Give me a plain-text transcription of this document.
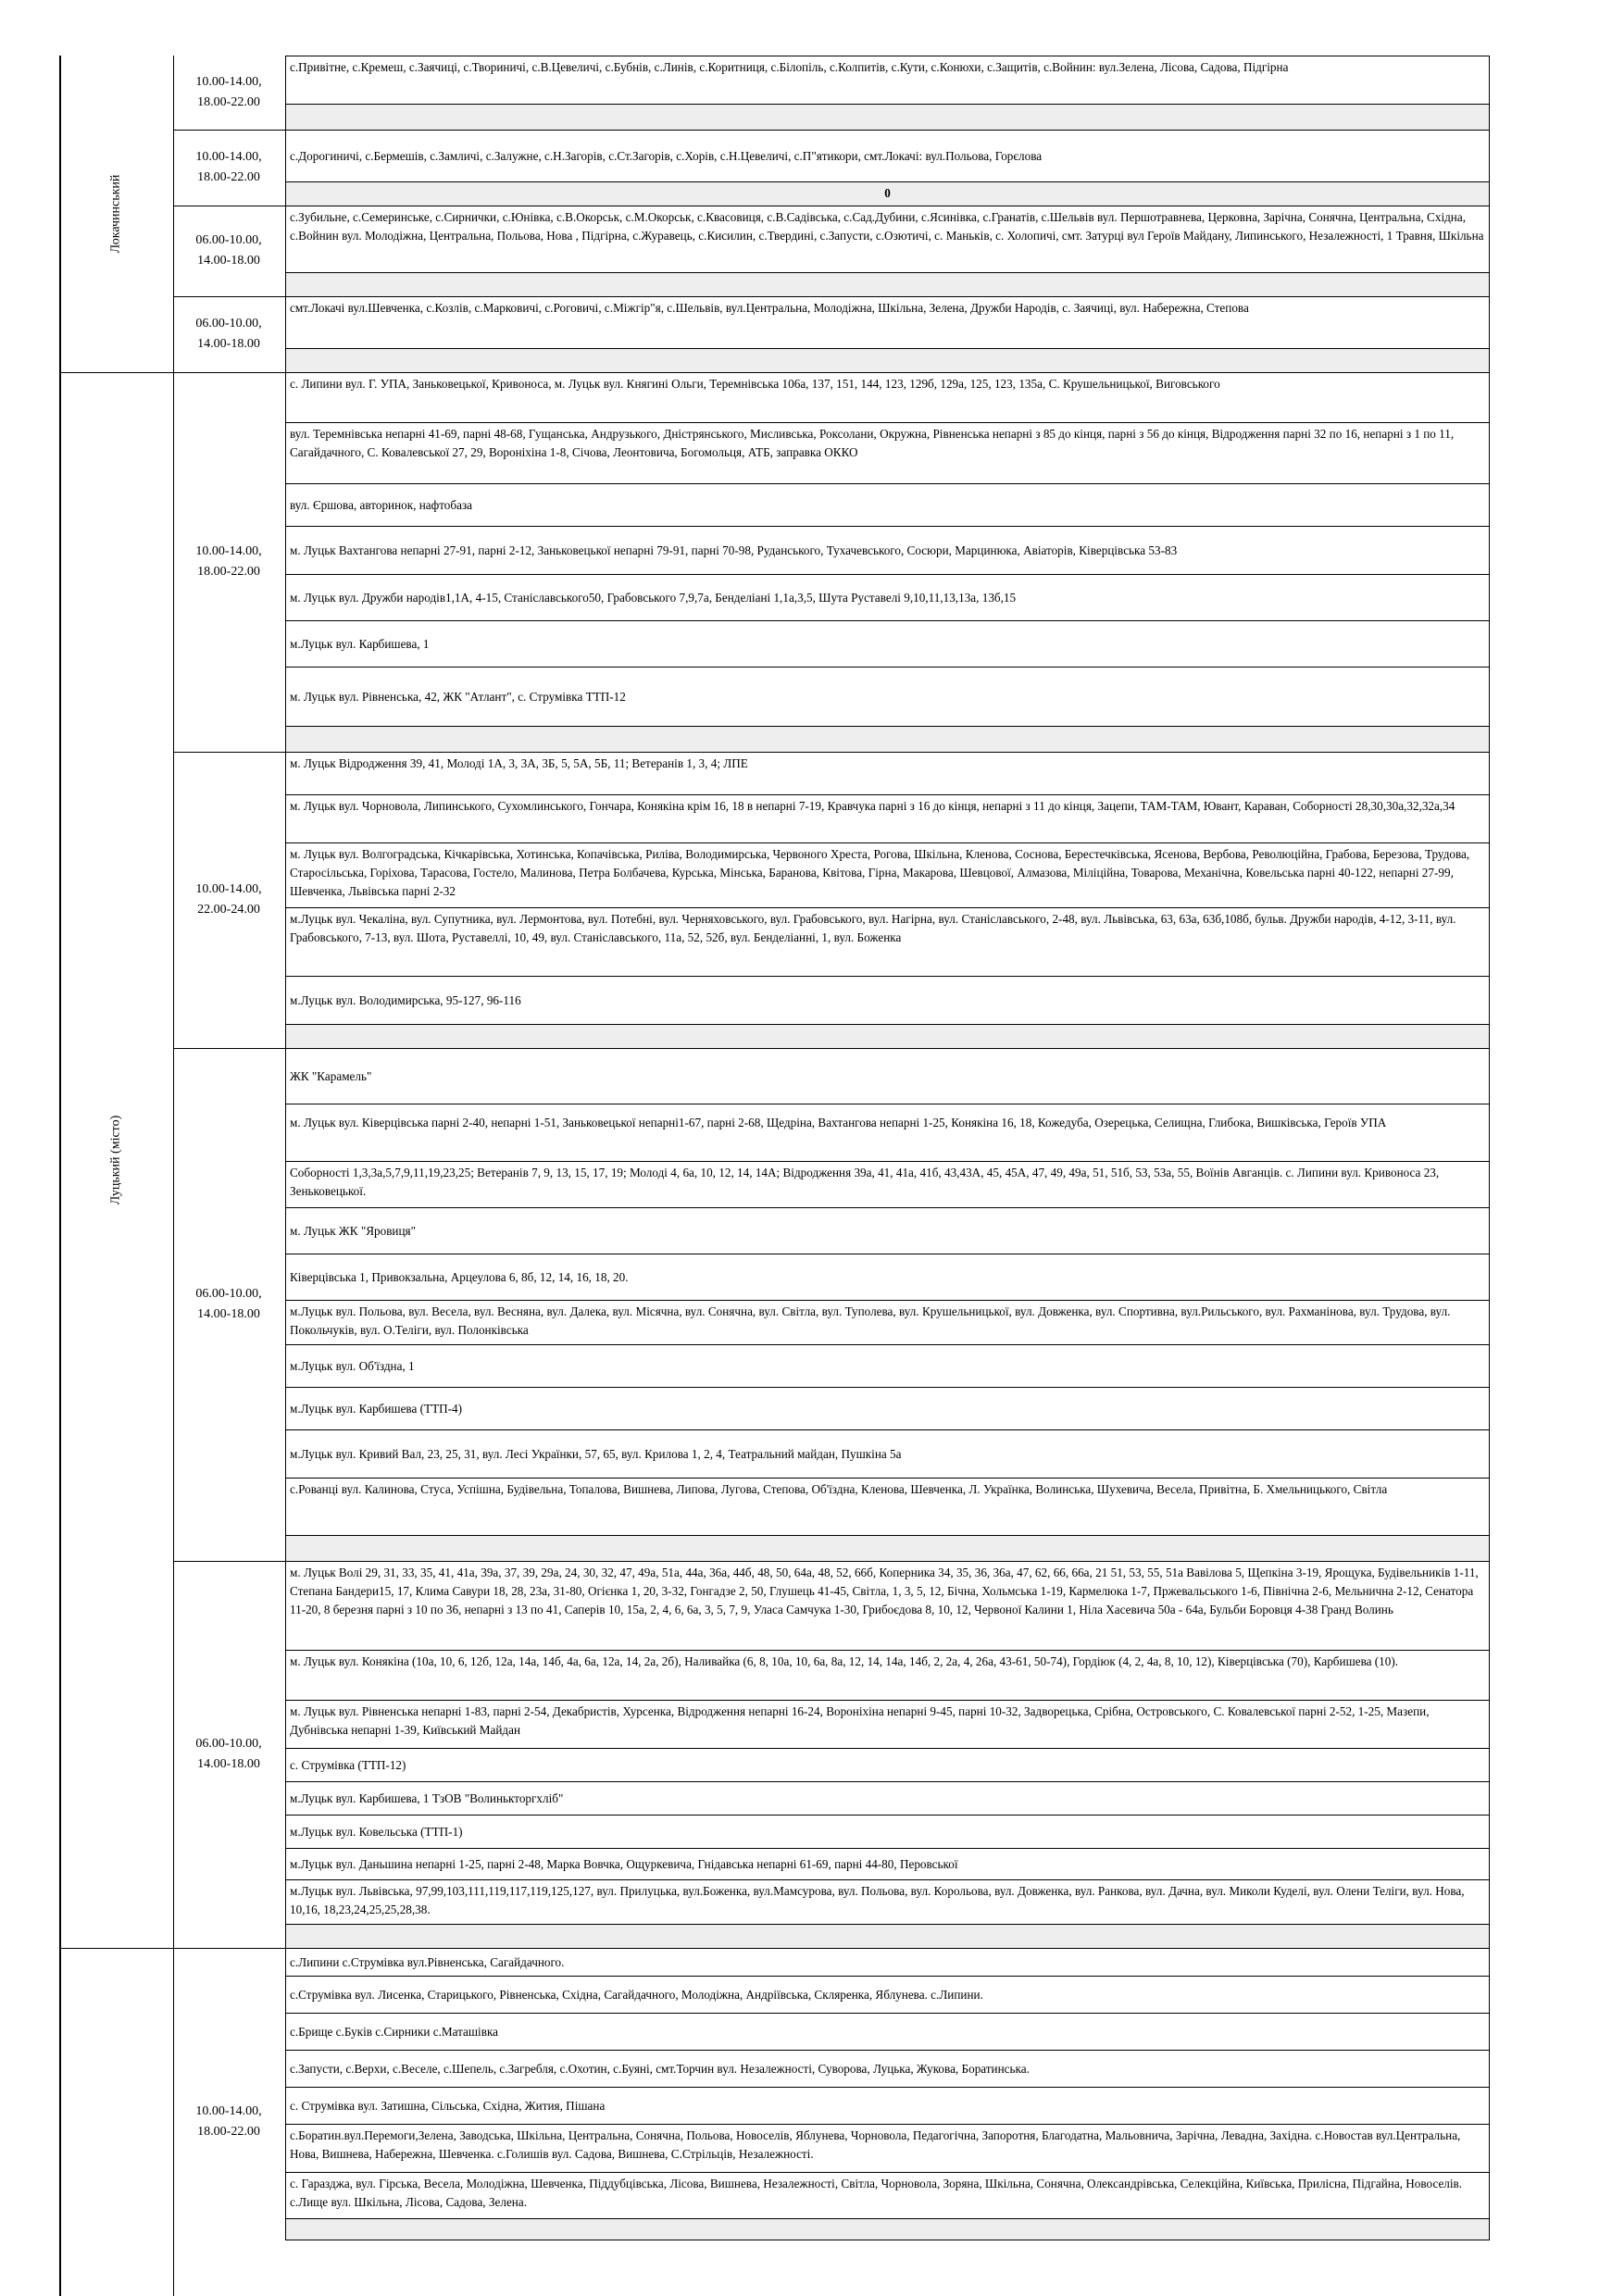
Локачинський
Луцький (місто)
10.00-14.00,
18.00-22.00
10.00-14.00,
18.00-22.00
06.00-10.00,
14.00-18.00
06.00-10.00,
14.00-18.00
10.00-14.00,
18.00-22.00
10.00-14.00,
22.00-24.00
06.00-10.00,
14.00-18.00
06.00-10.00,
14.00-18.00
10.00-14.00,
18.00-22.00
с.Привітне, с.Кремеш, с.Заячиці, с.Твориничі, с.В.Цевеличі, с.Бубнів, с.Линів, с.Коритниця, с.Білопіль, с.Колпитів, с.Кути, с.Конюхи, с.Защитів, с.Войнин: вул.Зелена, Лісова, Садова, Підгірна
с.Дорогиничі, с.Бермешів, с.Замличі, с.Залужне, с.Н.Загорів, с.Ст.Загорів, с.Хорів, с.Н.Цевеличі, с.П"ятикори, смт.Локачі: вул.Польова, Горєлова
0
с.Зубильне, с.Семеринське, с.Сирнички, с.Юнівка, с.В.Окорськ, с.М.Окорськ, с.Квасовиця, с.В.Садівська, с.Сад.Дубини, с.Ясинівка, с.Гранатів, с.Шельвів вул. Першотравнева, Церковна, Зарічна, Сонячна, Центральна, Східна, с.Войнин вул. Молодіжна, Центральна, Польова, Нова , Підгірна, с.Журавець, с.Кисилин, с.Твердині, с.Запусти, с.Озютичі, с. Маньків, с. Холопичі, смт. Затурці вул Героїв Майдану, Липинського, Незалежності, 1 Травня, Шкільна
смт.Локачі вул.Шевченка, с.Козлів, с.Марковичі, с.Роговичі, с.Міжгір"я, с.Шельвів, вул.Центральна, Молодіжна, Шкільна, Зелена, Дружби Народів, с. Заячиці, вул. Набережна, Степова
с. Липини вул. Г. УПА, Заньковецької, Кривоноса, м. Луцьк вул. Княгині Ольги, Теремнівська 106а, 137, 151, 144, 123, 129б, 129а, 125, 123, 135а, С. Крушельницької, Виговського
вул. Теремнівська непарні 41-69, парні 48-68, Гущанська, Андрузького, Дністрянського, Мисливська, Роксолани, Окружна, Рівненська непарні з 85 до кінця, парні з 56 до кінця, Відродження парні 32 по 16, непарні з 1 по 11, Сагайдачного, С. Ковалевської 27, 29, Вороніхіна 1-8, Січова, Леонтовича, Богомольця, АТБ, заправка ОККО
вул. Єршова, авторинок, нафтобаза
м. Луцьк Вахтангова непарні 27-91, парні 2-12, Заньковецької непарні 79-91, парні 70-98, Руданського, Тухачевського, Сосюри, Марцинюка, Авіаторів, Ківерцівська 53-83
м. Луцьк вул. Дружби народів1,1А, 4-15, Станіславського50, Грабовського 7,9,7а, Бенделіані 1,1а,3,5, Шута Руставелі 9,10,11,13,13а, 13б,15
м.Луцьк вул. Карбишева, 1
м. Луцьк вул. Рівненська, 42, ЖК "Атлант", с. Струмівка ТТП-12
м. Луцьк Відродження 39, 41, Молоді 1А, 3, 3А, 3Б, 5, 5А, 5Б, 11; Ветеранів 1, 3, 4; ЛПЕ
м. Луцьк вул. Чорновола, Липинського, Сухомлинського, Гончара, Конякіна крім 16, 18 в непарні 7-19, Кравчука парні з 16 до кінця, непарні з 11 до кінця, Зацепи, ТАМ-ТАМ, Ювант, Караван, Соборності 28,30,30а,32,32а,34
м. Луцьк вул. Волгоградська, Кічкарівська, Хотинська, Копачівська, Риліва, Володимирська, Червоного Хреста, Рогова, Шкільна, Кленова, Соснова, Берестечківська, Ясенова, Вербова, Революційна, Грабова, Березова, Трудова, Старосільська, Горіхова, Тарасова, Гостело, Малинова, Петра Болбачева, Курська, Мінська, Баранова, Квітова, Гірна, Макарова, Шевцової, Алмазова, Міліційна, Товарова, Механічна, Ковельська парні 40-122, непарні 27-99, Шевченка, Львівська парні 2-32
м.Луцьк вул. Чекаліна, вул. Супутника, вул. Лермонтова, вул. Потебні, вул. Черняховського, вул. Грабовського, вул. Нагірна, вул. Станіславського, 2-48, вул. Львівська, 63, 63а, 63б,108б, бульв. Дружби народів, 4-12, 3-11, вул. Грабовського, 7-13, вул. Шота, Руставеллі, 10, 49, вул. Станіславського, 11а, 52, 52б, вул. Бенделіанні, 1, вул. Боженка
м.Луцьк вул. Володимирська, 95-127, 96-116
ЖК "Карамель"
м. Луцьк вул. Ківерцівська парні 2-40, непарні 1-51, Заньковецької непарні1-67, парні 2-68, Щедріна, Вахтангова непарні 1-25, Конякіна 16, 18, Кожедуба, Озерецька, Селищна, Глибока, Вишківська, Героїв УПА
Соборності 1,3,3а,5,7,9,11,19,23,25; Ветеранів 7, 9, 13, 15, 17, 19; Молоді 4, 6а, 10, 12, 14, 14А; Відродження 39а, 41, 41а, 41б, 43,43А, 45, 45А, 47, 49, 49а, 51, 51б, 53, 53а, 55, Воїнів Авганців. с. Липини вул. Кривоноса 23, Зеньковецької.
м. Луцьк ЖК "Яровиця"
Ківерцівська 1, Привокзальна, Арцеулова 6, 8б, 12, 14, 16, 18, 20.
м.Луцьк вул. Польова, вул. Весела, вул. Весняна, вул. Далека, вул. Місячна, вул. Сонячна, вул. Світла, вул. Туполева, вул. Крушельницької, вул. Довженка, вул. Спортивна, вул.Рильського, вул. Рахманінова, вул. Трудова, вул. Покольчуків, вул. О.Теліги, вул. Полонківська
м.Луцьк вул. Об'їздна, 1
м.Луцьк вул. Карбишева (ТТП-4)
м.Луцьк вул. Кривий Вал, 23, 25, 31, вул. Лесі Українки, 57, 65, вул. Крилова 1, 2, 4, Театральний майдан, Пушкіна 5а
с.Рованці вул. Калинова, Стуса, Успішна, Будівельна, Топалова, Вишнева, Липова, Лугова, Степова, Об'їздна, Кленова, Шевченка, Л. Українка, Волинська, Шухевича, Весела, Привітна, Б. Хмельницького, Світла
м. Луцьк Волі 29, 31, 33, 35, 41, 41а, 39а, 37, 39, 29а, 24, 30, 32, 47, 49а, 51а, 44а, 36а, 44б, 48, 50, 64а, 48, 52, 66б, Коперника 34, 35, 36, 36а, 47, 62, 66, 66а, 21 51, 53, 55, 51а Вавілова 5, Щепкіна 3-19, Ярощука, Будівельників 1-11, Степана Бандери15, 17, Клима Савури 18, 28, 23а, 31-80, Огієнка 1, 20, 3-32, Гонгадзе 2, 50, Глушець 41-45, Світла, 1, 3, 5, 12, Бічна, Хольмська 1-19, Кармелюка 1-7, Пржевальського 1-6, Північна 2-6, Мельнична 2-12, Сенатора 11-20, 8 березня парні з 10 по 36, непарні з 13 по 41, Саперів 10, 15а, 2, 4, 6, 6а, 3, 5, 7, 9, Уласа Самчука 1-30, Грибоєдова 8, 10, 12, Червоної Калини 1, Ніла Хасевича 50а - 64а, Бульби Боровця 4-38 Гранд Волинь
м. Луцьк вул. Конякіна (10а, 10, 6, 12б, 12а, 14а, 14б, 4а, 6а, 12а, 14, 2а, 2б), Наливайка (6, 8, 10а, 10, 6а, 8а, 12, 14, 14а, 14б, 2, 2а, 4, 26а, 43-61, 50-74), Гордіюк (4, 2, 4а, 8, 10, 12), Ківерцівська (70), Карбишева (10).
м. Луцьк вул. Рівненська непарні 1-83, парні 2-54, Декабристів, Хурсенка, Відродження непарні 16-24, Вороніхіна непарні 9-45, парні 10-32, Задворецька, Срібна, Островського, С. Ковалевської парні 2-52, 1-25, Мазепи, Дубнівська непарні 1-39, Київський Майдан
с. Струмівка (ТТП-12)
м.Луцьк вул. Карбишева, 1 ТзОВ "Волинькторгхліб"
м.Луцьк вул. Ковельська (ТТП-1)
м.Луцьк вул. Даньшина непарні 1-25, парні 2-48, Марка Вовчка, Ощуркевича, Гнідавська непарні 61-69, парні 44-80, Перовської
м.Луцьк вул. Львівська, 97,99,103,111,119,117,119,125,127, вул. Прилуцька, вул.Боженка, вул.Мамсурова, вул. Польова, вул. Корольова, вул. Довженка, вул. Ранкова, вул. Дачна, вул. Миколи Куделі, вул. Олени Теліги, вул. Нова, 10,16, 18,23,24,25,25,28,38.
с.Липини с.Струмівка вул.Рівненська, Сагайдачного.
с.Струмівка вул. Лисенка, Старицького, Рівненська, Східна, Сагайдачного, Молодіжна, Андріївська, Скляренка, Яблунева. с.Липини.
с.Брище с.Буків с.Сирники с.Маташівка
с.Запусти, с.Верхи, с.Веселе, с.Шепель, с.Загребля, с.Охотин, с.Буяні, смт.Торчин вул. Незалежності, Суворова, Луцька, Жукова, Боратинська.
с. Струмівка вул. Затишна, Сільська, Східна, Жития, Пішана
с.Боратин.вул.Перемоги,Зелена, Заводська, Шкільна, Центральна, Сонячна, Польова, Новоселів, Яблунева, Чорновола, Педагогічна, Запоротня, Благодатна, Мальовнича, Зарічна, Левадна, Західна. с.Новостав вул.Центральна, Нова, Вишнева, Набережна, Шевченка. с.Голишів вул. Садова, Вишнева, С.Стрільців, Незалежності.
с. Гаразджа, вул. Гірська, Весела, Молодіжна, Шевченка, Піддубцівська, Лісова, Вишнева, Незалежності, Світла, Чорновола, Зоряна, Шкільна, Сонячна, Олександрівська, Селекційна, Київська, Прилісна, Підгайна, Новоселів. с.Лище вул. Шкільна, Лісова, Садова, Зелена.
